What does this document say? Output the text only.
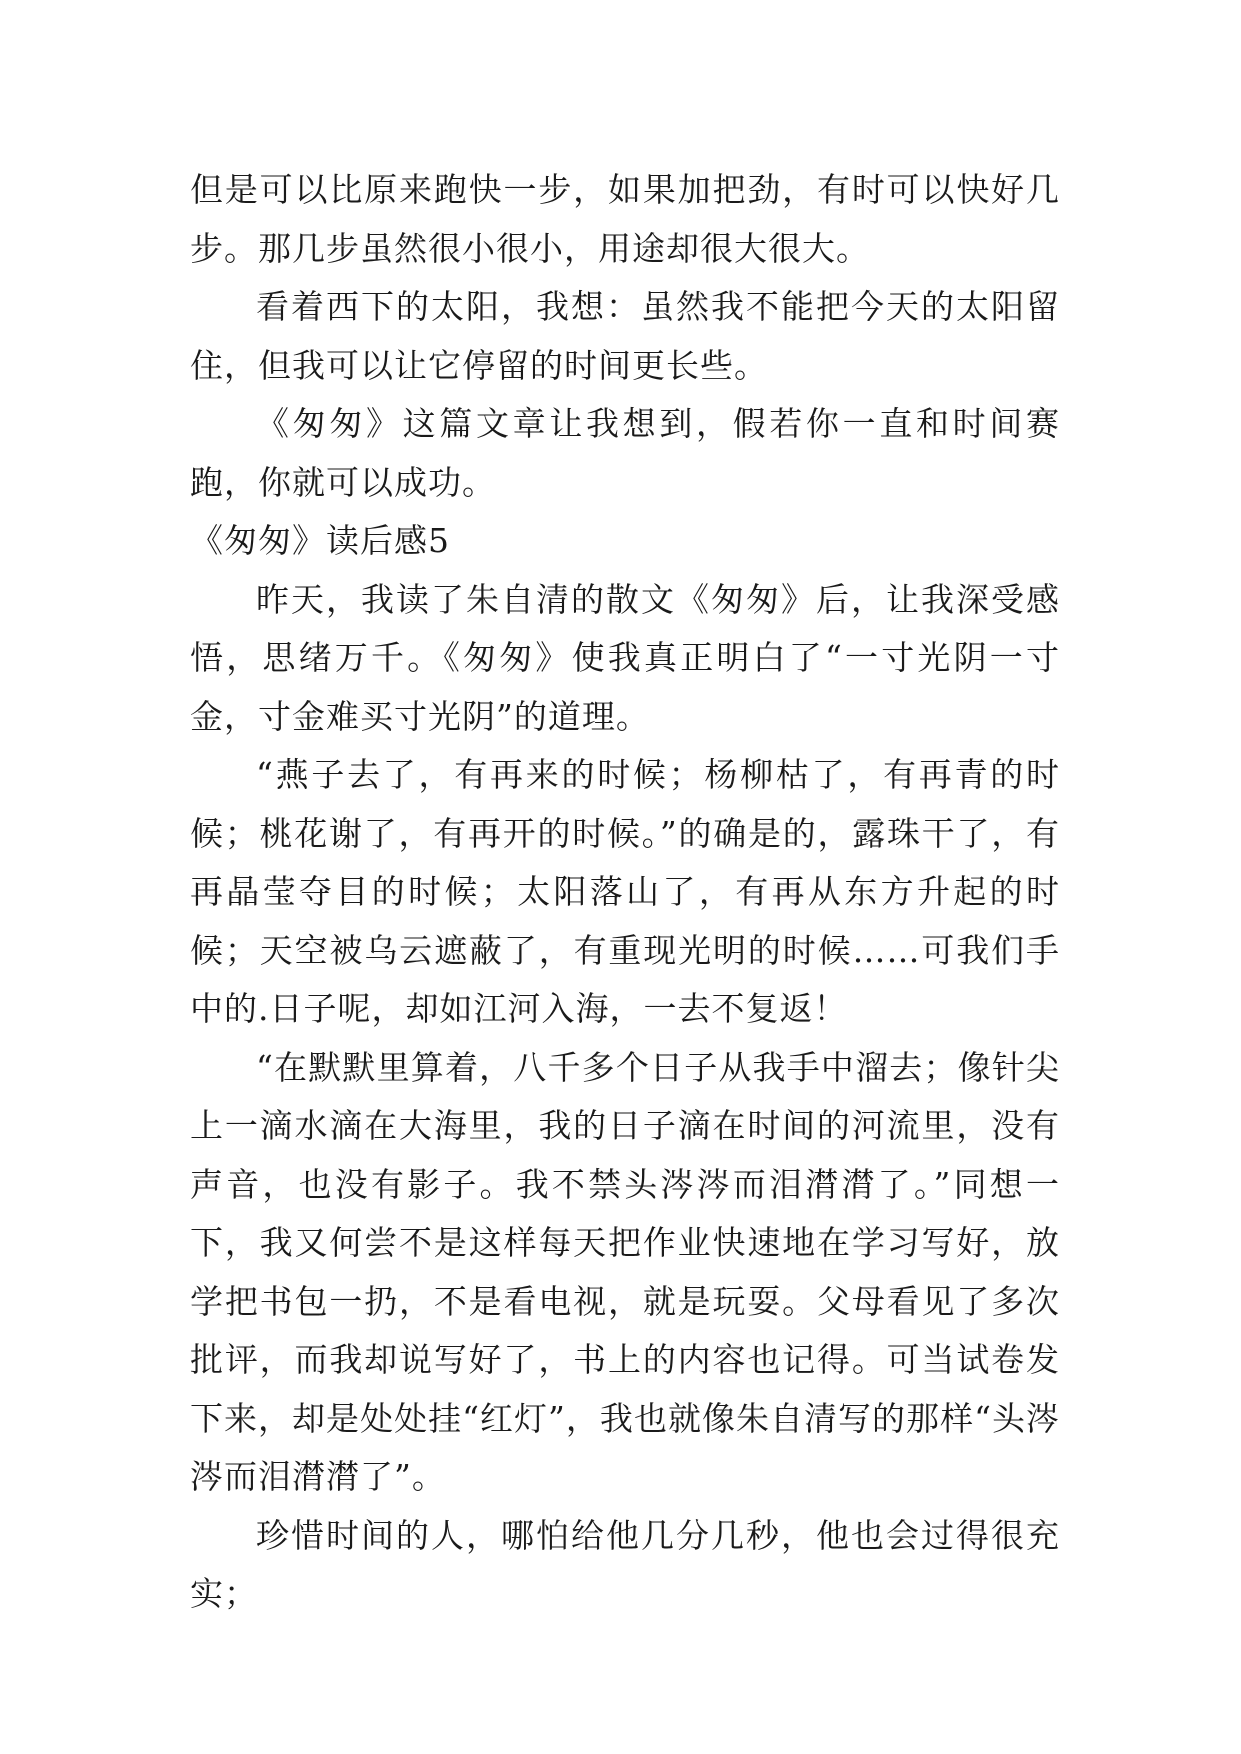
但是可以比原来跑快一步，如果加把劲，有时可以快好几步。那几步虽然很小很小，用途却很大很大。

看着西下的太阳，我想：虽然我不能把今天的太阳留住，但我可以让它停留的时间更长些。

《匆匆》这篇文章让我想到，假若你一直和时间赛跑，你就可以成功。

《匆匆》读后感5

昨天，我读了朱自清的散文《匆匆》后，让我深受感悟，思绪万千。《匆匆》使我真正明白了“一寸光阴一寸金，寸金难买寸光阴”的道理。

“燕子去了，有再来的时候；杨柳枯了，有再青的时候；桃花谢了，有再开的时候。”的确是的，露珠干了，有再晶莹夺目的时候；太阳落山了，有再从东方升起的时候；天空被乌云遮蔽了，有重现光明的时候……可我们手中的.日子呢，却如江河入海，一去不复返！

“在默默里算着，八千多个日子从我手中溜去；像针尖上一滴水滴在大海里，我的日子滴在时间的河流里，没有声音，也没有影子。我不禁头涔涔而泪潸潸了。”同想一下，我又何尝不是这样每天把作业快速地在学习写好，放学把书包一扔，不是看电视，就是玩耍。父母看见了多次批评，而我却说写好了，书上的内容也记得。可当试卷发下来，却是处处挂“红灯”，我也就像朱自清写的那样“头涔涔而泪潸潸了”。

珍惜时间的人，哪怕给他几分几秒，他也会过得很充实；
